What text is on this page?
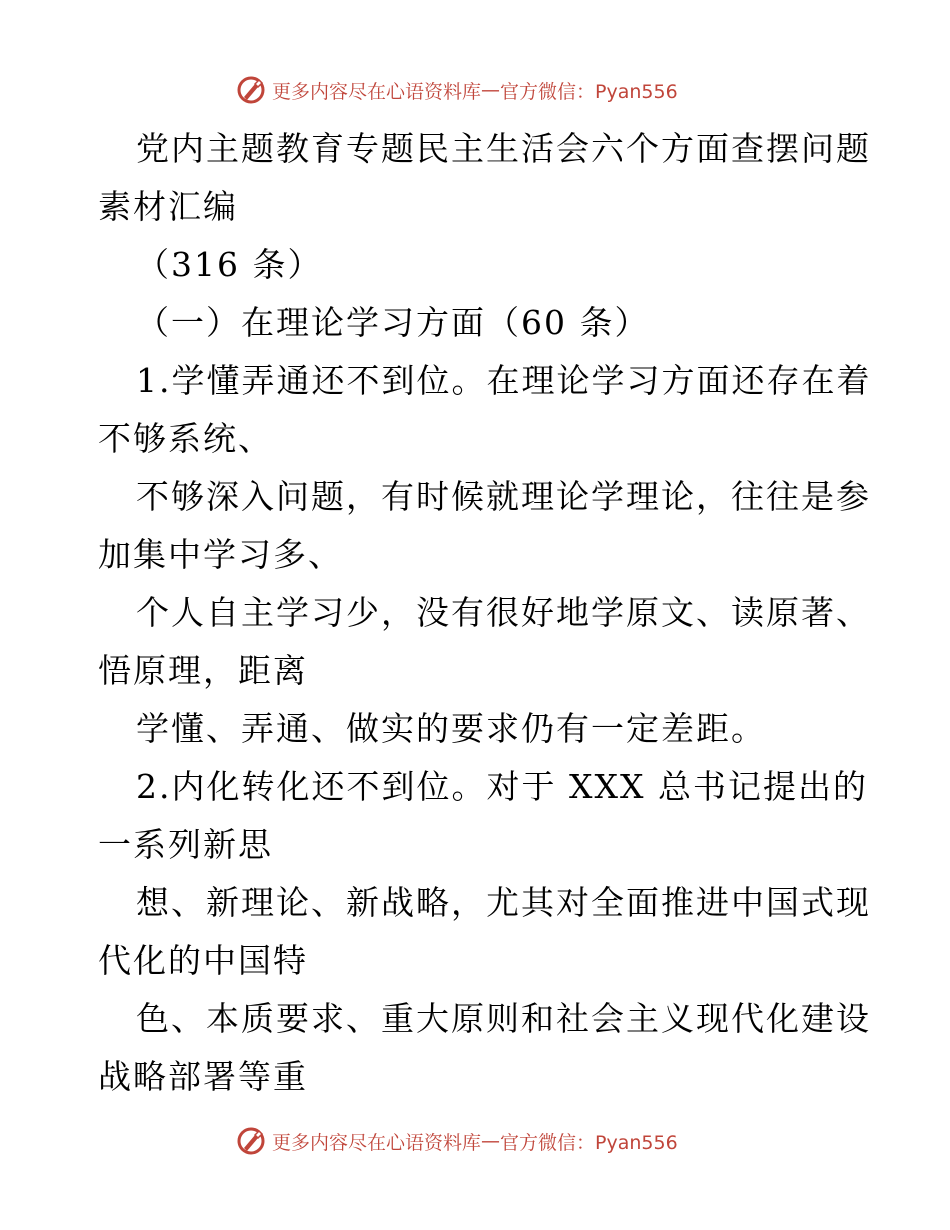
更多内容尽在心语资料库 — 官方微信：Pyan556
党内主题教育专题民主生活会六个方面查摆问题
素材汇编
（316 条）
（一）在理论学习方面（60 条）
1.学懂弄通还不到位。在理论学习方面还存在着
不够系统、
不够深入问题，有时候就理论学理论，往往是参
加集中学习多、
个人自主学习少，没有很好地学原文、读原著、
悟原理，距离
学懂、弄通、做实的要求仍有一定差距。
2.内化转化还不到位。对于 XXX 总书记提出的
一系列新思
想、新理论、新战略，尤其对全面推进中国式现
代化的中国特
色、本质要求、重大原则和社会主义现代化建设
战略部署等重
更多内容尽在心语资料库 — 官方微信：Pyan556
